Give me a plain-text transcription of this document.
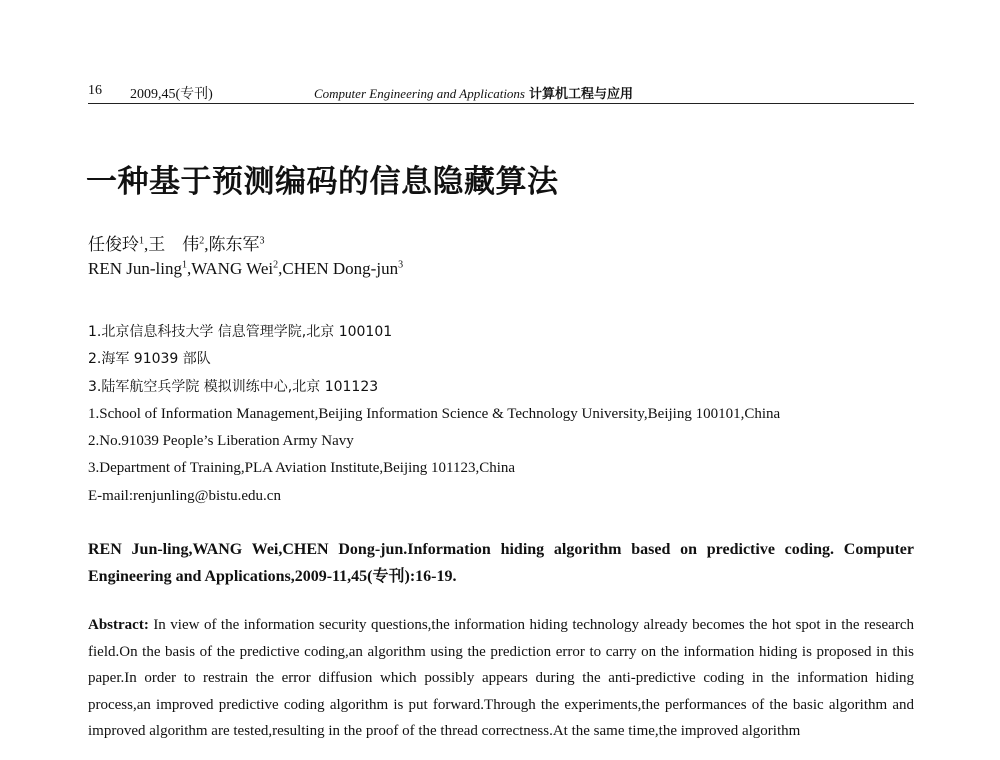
16 2009,45(专刊)	Computer Engineering and Applications 计算机工程与应用
一种基于预测编码的信息隐藏算法
任俊玲$^1$,王　伟$^2$,陈东军$^3$
REN Jun-ling$^1$,WANG Wei$^2$,CHEN Dong-jun$^3$
1.北京信息科技大学 信息管理学院,北京 100101
2.海军 91039 部队
3.陆军航空兵学院 模拟训练中心,北京 101123
1.School of Information Management,Beijing Information Science & Technology University,Beijing 100101,China
2.No.91039 People’s Liberation Army Navy
3.Department of Training,PLA Aviation Institute,Beijing 101123,China
E-mail:renjunling@bistu.edu.cn
REN Jun-ling,WANG Wei,CHEN Dong-jun.Information hiding algorithm based on predictive coding. Computer Engineering and Applications,2009-11,45(专刊):16-19.
Abstract: In view of the information security questions,the information hiding technology already becomes the hot spot in the research field.On the basis of the predictive coding,an algorithm using the prediction error to carry on the information hiding is proposed in this paper.In order to restrain the error diffusion which possibly appears during the anti-predictive coding in the information hiding process,an improved predictive coding algorithm is put forward.Through the experiments,the performances of the basic algorithm and improved algorithm are tested,resulting in the proof of the thread correctness.At the same time,the improved algorithm
